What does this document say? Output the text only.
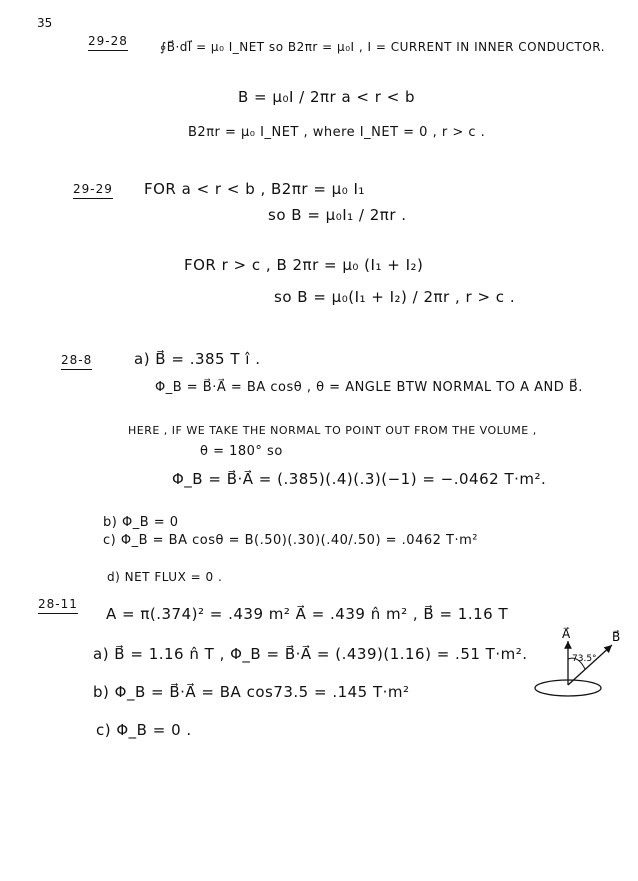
35
29-28	∮B⃗·dl⃗ = μ₀ I_NET so B2πr = μ₀I , I = CURRENT IN INNER CONDUCTOR.
B = μ₀I / 2πr a < r < b
B2πr = μ₀ I_NET , where I_NET = 0 , r > c .
29-29 FOR a < r < b , B2πr = μ₀ I₁
so B = μ₀I₁ / 2πr .
FOR r > c , B 2πr = μ₀ (I₁ + I₂)
so B = μ₀(I₁ + I₂) / 2πr , r > c .
28-8	a) B⃗ = .385 T î .
Φ_B = B⃗·A⃗ = BA cosθ , θ = ANGLE BTW NORMAL TO A AND B⃗.
HERE , IF WE TAKE THE NORMAL TO POINT OUT FROM THE VOLUME ,
θ = 180° so
Φ_B = B⃗·A⃗ = (.385)(.4)(.3)(−1) = −.0462 T·m².
b) Φ_B = 0
c) Φ_B = BA cosθ = B(.50)(.30)(.40/.50) = .0462 T·m²
d) NET FLUX = 0 .
28-11
A = π(.374)² = .439 m² A⃗ = .439 n̂ m² , B⃗ = 1.16 T
a) B⃗ = 1.16 n̂ T , Φ_B = B⃗·A⃗ = (.439)(1.16) = .51 T·m².
b) Φ_B = B⃗·A⃗ = BA cos73.5 = .145 T·m²
c) Φ_B = 0 .
A⃗	B⃗
73.5°
